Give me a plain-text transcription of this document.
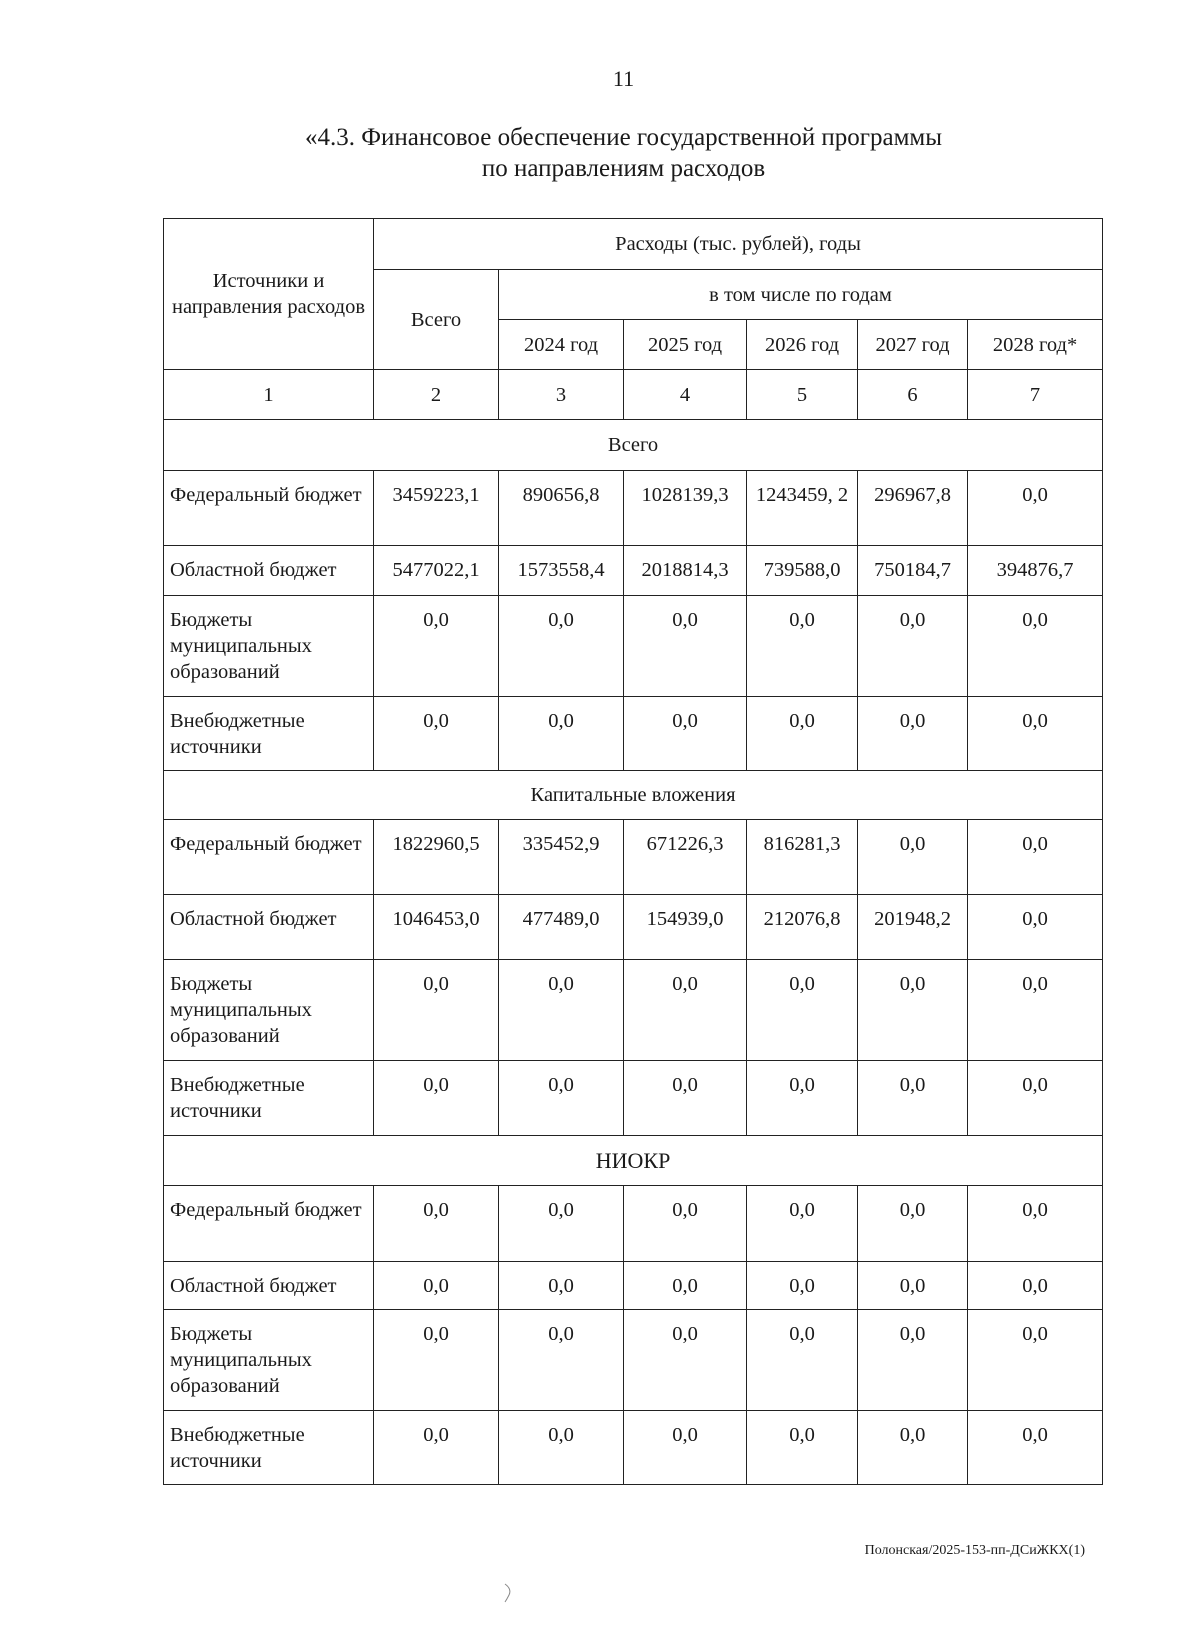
11
«4.3. Финансовое обеспечение государственной программы
по направлениям расходов
Источники и направления расходов	Расходы (тыс. рублей), годы					
	Всего	в том числе по годам				
		2024 год	2025 год	2026 год	2027 год	2028 год*
1	2	3	4	5	6	7
Всего						
Федеральный бюджет	3459223,1	890656,8	1028139,3	1243459, 2	296967,8	0,0
Областной бюджет	5477022,1	1573558,4	2018814,3	739588,0	750184,7	394876,7
Бюджеты муниципальных образований	0,0	0,0	0,0	0,0	0,0	0,0
Внебюджетные источники	0,0	0,0	0,0	0,0	0,0	0,0
Капитальные вложения						
Федеральный бюджет	1822960,5	335452,9	671226,3	816281,3	0,0	0,0
Областной бюджет	1046453,0	477489,0	154939,0	212076,8	201948,2	0,0
Бюджеты муниципальных образований	0,0	0,0	0,0	0,0	0,0	0,0
Внебюджетные источники	0,0	0,0	0,0	0,0	0,0	0,0
НИОКР						
Федеральный бюджет	0,0	0,0	0,0	0,0	0,0	0,0
Областной бюджет	0,0	0,0	0,0	0,0	0,0	0,0
Бюджеты муниципальных образований	0,0	0,0	0,0	0,0	0,0	0,0
Внебюджетные источники	0,0	0,0	0,0	0,0	0,0	0,0
Полонская/2025-153-пп-ДСиЖКХ(1)
